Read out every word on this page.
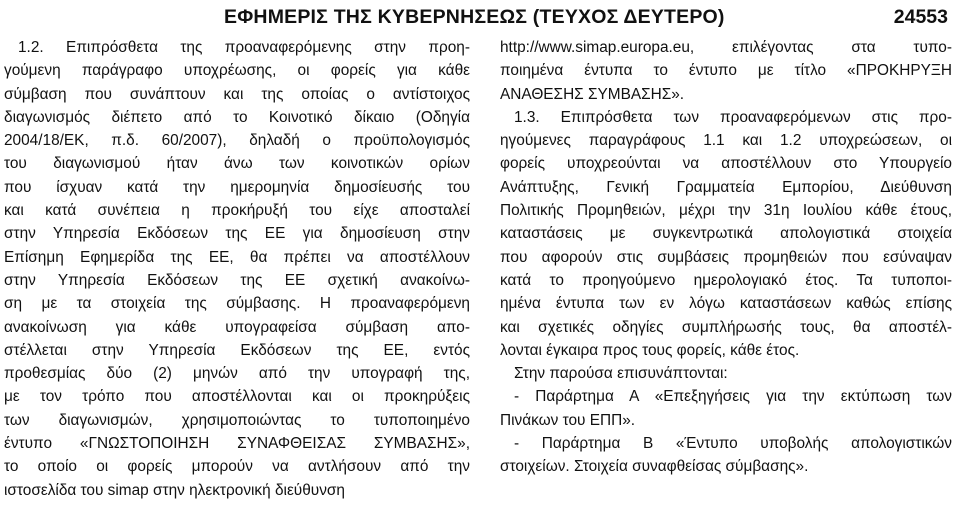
ΕΦΗΜΕΡΙΣ ΤΗΣ ΚΥΒΕΡΝΗΣΕΩΣ (ΤΕΥΧΟΣ ΔΕΥΤΕΡΟ)	24553
1.2. Επιπρόσθετα της προαναφερόμενης στην προη-
γούμενη παράγραφο υποχρέωσης, οι φορείς για κάθε
σύμβαση που συνάπτουν και της οποίας ο αντίστοιχος
διαγωνισμός διέπετο από το Κοινοτικό δίκαιο (Οδηγία
2004/18/ΕΚ, π.δ. 60/2007), δηλαδή ο προϋπολογισμός
του διαγωνισμού ήταν άνω των κοινοτικών ορίων
που ίσχυαν κατά την ημερομηνία δημοσίευσής του
και κατά συνέπεια η προκήρυξή του είχε αποσταλεί
στην Υπηρεσία Εκδόσεων της ΕΕ για δημοσίευση στην
Επίσημη Εφημερίδα της ΕΕ, θα πρέπει να αποστέλλουν
στην Υπηρεσία Εκδόσεων της ΕΕ σχετική ανακοίνω-
ση με τα στοιχεία της σύμβασης. Η προαναφερόμενη
ανακοίνωση για κάθε υπογραφείσα σύμβαση απο-
στέλλεται στην Υπηρεσία Εκδόσεων της ΕΕ, εντός
προθεσμίας δύο (2) μηνών από την υπογραφή της,
με τον τρόπο που αποστέλλονται και οι προκηρύξεις
των διαγωνισμών, χρησιμοποιώντας το τυποποιημένο
έντυπο «ΓΝΩΣΤΟΠΟΙΗΣΗ ΣΥΝΑΦΘΕΙΣΑΣ ΣΥΜΒΑΣΗΣ»,
το οποίο οι φορείς μπορούν να αντλήσουν από την
ιστοσελίδα του simap στην ηλεκτρονική διεύθυνση
http://www.simap.europa.eu, επιλέγοντας στα τυπο-
ποιημένα έντυπα το έντυπο με τίτλο «ΠΡΟΚΗΡΥΞΗ
ΑΝΑΘΕΣΗΣ ΣΥΜΒΑΣΗΣ».
1.3. Επιπρόσθετα των προαναφερόμενων στις προ-
ηγούμενες παραγράφους 1.1 και 1.2 υποχρεώσεων, οι
φορείς υποχρεούνται να αποστέλλουν στο Υπουργείο
Ανάπτυξης, Γενική Γραμματεία Εμπορίου, Διεύθυνση
Πολιτικής Προμηθειών, μέχρι την 31η Ιουλίου κάθε έτους,
καταστάσεις με συγκεντρωτικά απολογιστικά στοιχεία
που αφορούν στις συμβάσεις προμηθειών που εσύναψαν
κατά το προηγούμενο ημερολογιακό έτος. Τα τυποποι-
ημένα έντυπα των εν λόγω καταστάσεων καθώς επίσης
και σχετικές οδηγίες συμπλήρωσής τους, θα αποστέλ-
λονται έγκαιρα προς τους φορείς, κάθε έτος.
Στην παρούσα επισυνάπτονται:
- Παράρτημα Α «Επεξηγήσεις για την εκτύπωση των
Πινάκων του ΕΠΠ».
- Παράρτημα Β «Έντυπο υποβολής απολογιστικών
στοιχείων. Στοιχεία συναφθείσας σύμβασης».
